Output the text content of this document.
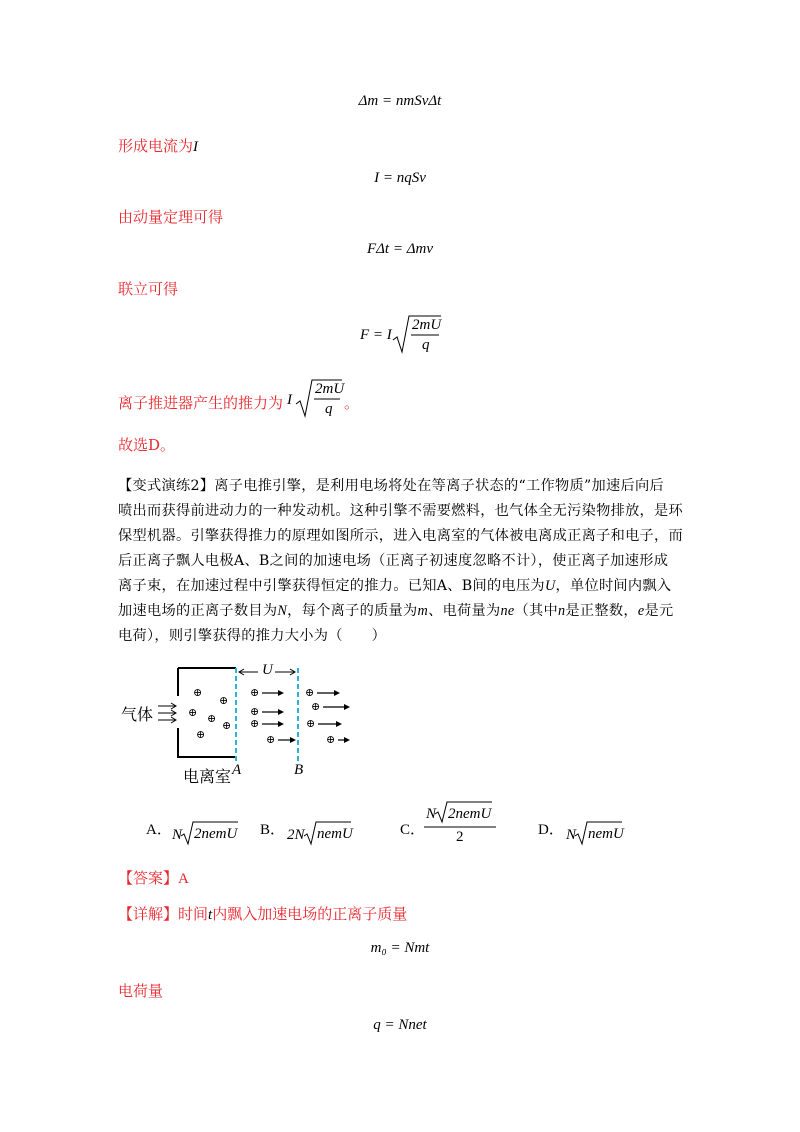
Δm = nmSvΔt
形成电流为I
I = nqSv
由动量定理可得
FΔt = Δmv
联立可得
F = I
2mU
q
离子推进器产生的推力为 I
2mU
q 。
故选D。
【变式演练2】离子电推引擎，是利用电场将处在等离子状态的“工作物质”加速后向后
喷出而获得前进动力的一种发动机。这种引擎不需要燃料，也气体全无污染物排放，是环
保型机器。引擎获得推力的原理如图所示，进入电离室的气体被电离成正离子和电子，而
后正离子飘人电极A、B之间的加速电场（正离子初速度忽略不计），使正离子加速形成
离子束，在加速过程中引擎获得恒定的推力。已知A、B间的电压为U，单位时间内飘入
加速电场的正离子数目为N，每个离子的质量为m、电荷量为ne（其中n是正整数，e是元
电荷），则引擎获得的推力大小为（　　）
⊕
⊕
⊕ ⊕
⊕
⊕
⊕
⊕
⊕
⊕
⊕
⊕
⊕
⊕
U
气体
电离室 A	B
A． N 2nemU B． 2N nemU	C．
N 2nemU
2	D． N nemU
【答案】A
【详解】时间t内飘入加速电场的正离子质量
m₀ = Nmt
电荷量
q = Nnet
